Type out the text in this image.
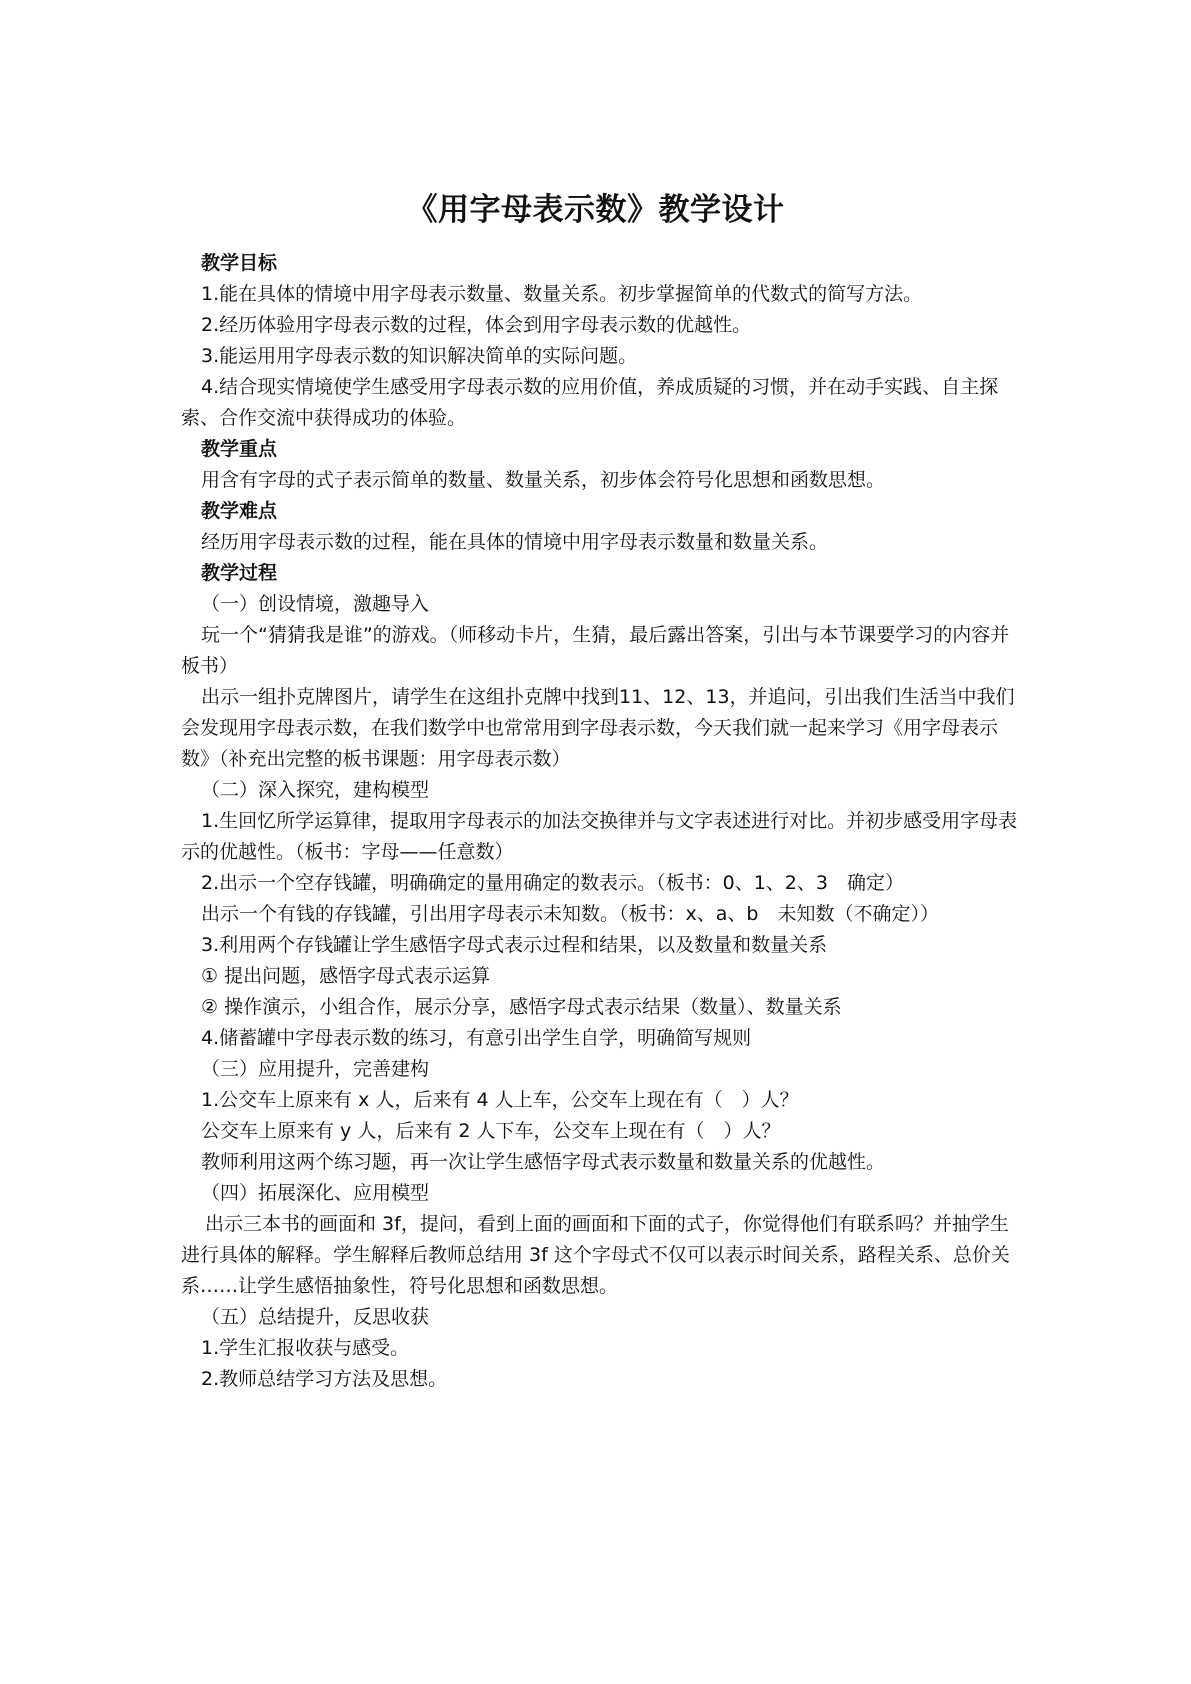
《用字母表示数》教学设计
教学目标
1.能在具体的情境中用字母表示数量、数量关系。初步掌握简单的代数式的简写方法。
2.经历体验用字母表示数的过程，体会到用字母表示数的优越性。
3.能运用用字母表示数的知识解决简单的实际问题。
4.结合现实情境使学生感受用字母表示数的应用价值，养成质疑的习惯，并在动手实践、自主探索、合作交流中获得成功的体验。
教学重点
用含有字母的式子表示简单的数量、数量关系，初步体会符号化思想和函数思想。
教学难点
经历用字母表示数的过程，能在具体的情境中用字母表示数量和数量关系。
教学过程
（一）创设情境，激趣导入
玩一个“猜猜我是谁”的游戏。（师移动卡片，生猜，最后露出答案，引出与本节课要学习的内容并板书）
出示一组扑克牌图片，请学生在这组扑克牌中找到11、12、13，并追问，引出我们生活当中我们会发现用字母表示数，在我们数学中也常常用到字母表示数，今天我们就一起来学习《用字母表示数》（补充出完整的板书课题：用字母表示数）
（二）深入探究，建构模型
1.生回忆所学运算律，提取用字母表示的加法交换律并与文字表述进行对比。并初步感受用字母表示的优越性。（板书：字母——任意数）
2.出示一个空存钱罐，明确确定的量用确定的数表示。（板书：0、1、2、3　确定）
出示一个有钱的存钱罐，引出用字母表示未知数。（板书：x、a、b　未知数（不确定））
3.利用两个存钱罐让学生感悟字母式表示过程和结果，以及数量和数量关系
① 提出问题，感悟字母式表示运算
② 操作演示，小组合作，展示分享，感悟字母式表示结果（数量）、数量关系
4.储蓄罐中字母表示数的练习，有意引出学生自学，明确简写规则
（三）应用提升，完善建构
1.公交车上原来有 x 人，后来有 4 人上车，公交车上现在有（　）人？
公交车上原来有 y 人，后来有 2 人下车，公交车上现在有（　）人？
教师利用这两个练习题，再一次让学生感悟字母式表示数量和数量关系的优越性。
（四）拓展深化、应用模型
出示三本书的画面和 3f，提问，看到上面的画面和下面的式子，你觉得他们有联系吗？并抽学生进行具体的解释。学生解释后教师总结用 3f 这个字母式不仅可以表示时间关系，路程关系、总价关系……让学生感悟抽象性，符号化思想和函数思想。
（五）总结提升，反思收获
1.学生汇报收获与感受。
2.教师总结学习方法及思想。
